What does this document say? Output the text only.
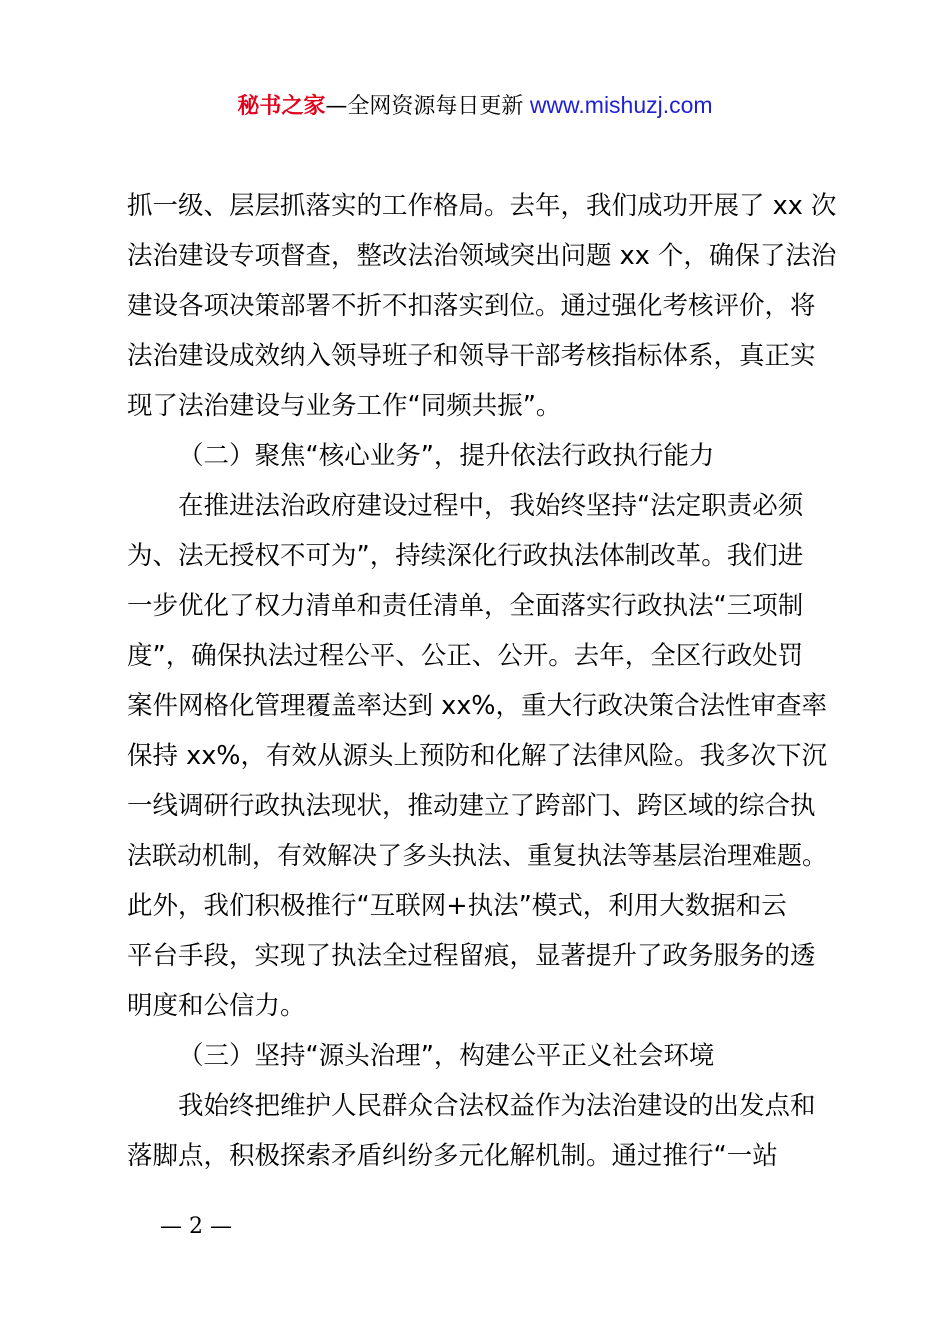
秘书之家—全网资源每日更新 www.mishuzj.com
抓一级、层层抓落实的工作格局。去年，我们成功开展了 xx 次
法治建设专项督查，整改法治领域突出问题 xx 个，确保了法治
建设各项决策部署不折不扣落实到位。通过强化考核评价，将
法治建设成效纳入领导班子和领导干部考核指标体系，真正实
现了法治建设与业务工作“同频共振”。
（二）聚焦“核心业务”，提升依法行政执行能力
在推进法治政府建设过程中，我始终坚持“法定职责必须
为、法无授权不可为”，持续深化行政执法体制改革。我们进
一步优化了权力清单和责任清单，全面落实行政执法“三项制
度”，确保执法过程公平、公正、公开。去年，全区行政处罚
案件网格化管理覆盖率达到 xx%，重大行政决策合法性审查率
保持 xx%，有效从源头上预防和化解了法律风险。我多次下沉
一线调研行政执法现状，推动建立了跨部门、跨区域的综合执
法联动机制，有效解决了多头执法、重复执法等基层治理难题。
此外，我们积极推行“互联网+执法”模式，利用大数据和云
平台手段，实现了执法全过程留痕，显著提升了政务服务的透
明度和公信力。
（三）坚持“源头治理”，构建公平正义社会环境
我始终把维护人民群众合法权益作为法治建设的出发点和
落脚点，积极探索矛盾纠纷多元化解机制。通过推行“一站
— 2 —
